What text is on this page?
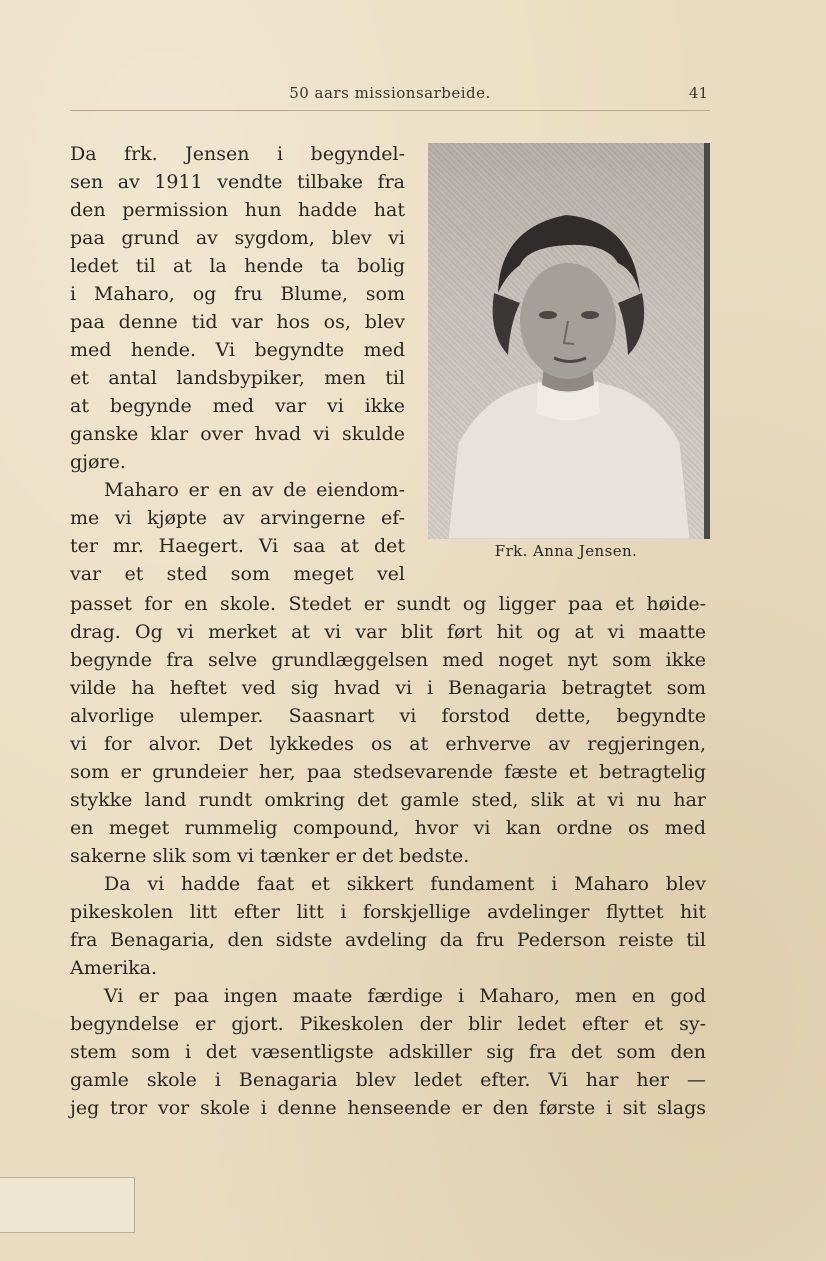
50 aars missionsarbeide.	41
Frk. Anna Jensen.
Da frk. Jensen i begyndel-
sen av 1911 vendte tilbake fra
den permission hun hadde hat
paa grund av sygdom, blev vi
ledet til at la hende ta bolig
i Maharo, og fru Blume, som
paa denne tid var hos os, blev
med hende. Vi begyndte med
et antal landsbypiker, men til
at begynde med var vi ikke
ganske klar over hvad vi skulde
gjøre.
Maharo er en av de eiendom-
me vi kjøpte av arvingerne ef-
ter mr. Haegert. Vi saa at det
var et sted som meget vel
passet for en skole. Stedet er sundt og ligger paa et høide-
drag. Og vi merket at vi var blit ført hit og at vi maatte
begynde fra selve grundlæggelsen med noget nyt som ikke
vilde ha heftet ved sig hvad vi i Benagaria betragtet som
alvorlige ulemper. Saasnart vi forstod dette, begyndte
vi for alvor. Det lykkedes os at erhverve av regjeringen,
som er grundeier her, paa stedsevarende fæste et betragtelig
stykke land rundt omkring det gamle sted, slik at vi nu har
en meget rummelig compound, hvor vi kan ordne os med
sakerne slik som vi tænker er det bedste.
Da vi hadde faat et sikkert fundament i Maharo blev
pikeskolen litt efter litt i forskjellige avdelinger flyttet hit
fra Benagaria, den sidste avdeling da fru Pederson reiste til
Amerika.
Vi er paa ingen maate færdige i Maharo, men en god
begyndelse er gjort. Pikeskolen der blir ledet efter et sy-
stem som i det væsentligste adskiller sig fra det som den
gamle skole i Benagaria blev ledet efter. Vi har her —
jeg tror vor skole i denne henseende er den første i sit slags
